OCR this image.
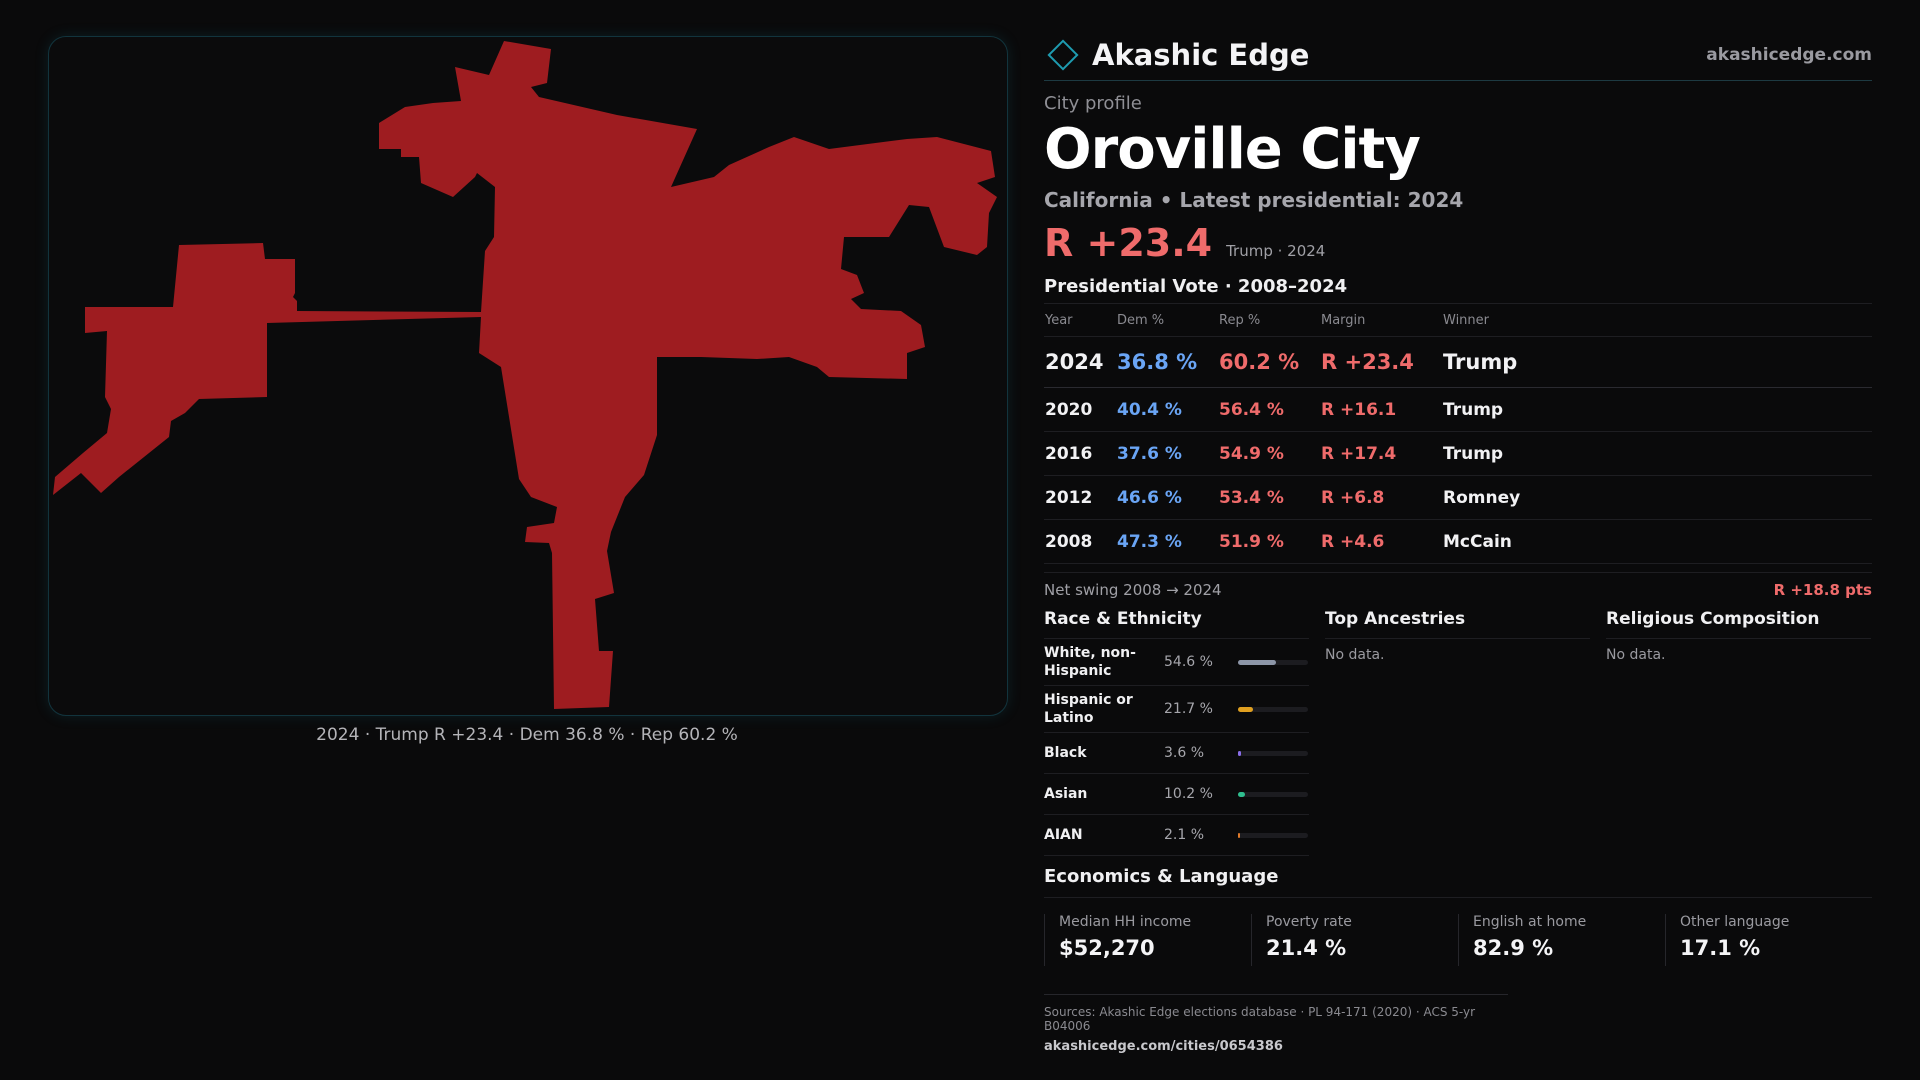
2024 · Trump R +23.4 · Dem 36.8 % · Rep 60.2 %
Akashic Edge	akashicedge.com
City profile
Oroville City
California • Latest presidential: 2024
R +23.4 Trump · 2024
Presidential Vote · 2008–2024
Year	Dem %	Rep %	Margin	Winner
2024	36.8 %	60.2 %	R +23.4	Trump
2020	40.4 %	56.4 %	R +16.1	Trump
2016	37.6 %	54.9 %	R +17.4	Trump
2012	46.6 %	53.4 %	R +6.8	Romney
2008	47.3 %	51.9 %	R +4.6	McCain
Net swing 2008 → 2024	R +18.8 pts
Race & Ethnicity
White, non-Hispanic
54.6 %
Hispanic or Latino
21.7 %
Black	3.6 %
Asian	10.2 %
AIAN	2.1 %
Top Ancestries
No data.
Religious Composition
No data.
Economics & Language
Median HH income
$52,270
Poverty rate
21.4 %
English at home
82.9 %
Other language
17.1 %
Sources: Akashic Edge elections database · PL 94-171 (2020) · ACS 5-yr B04006
akashicedge.com/cities/0654386
